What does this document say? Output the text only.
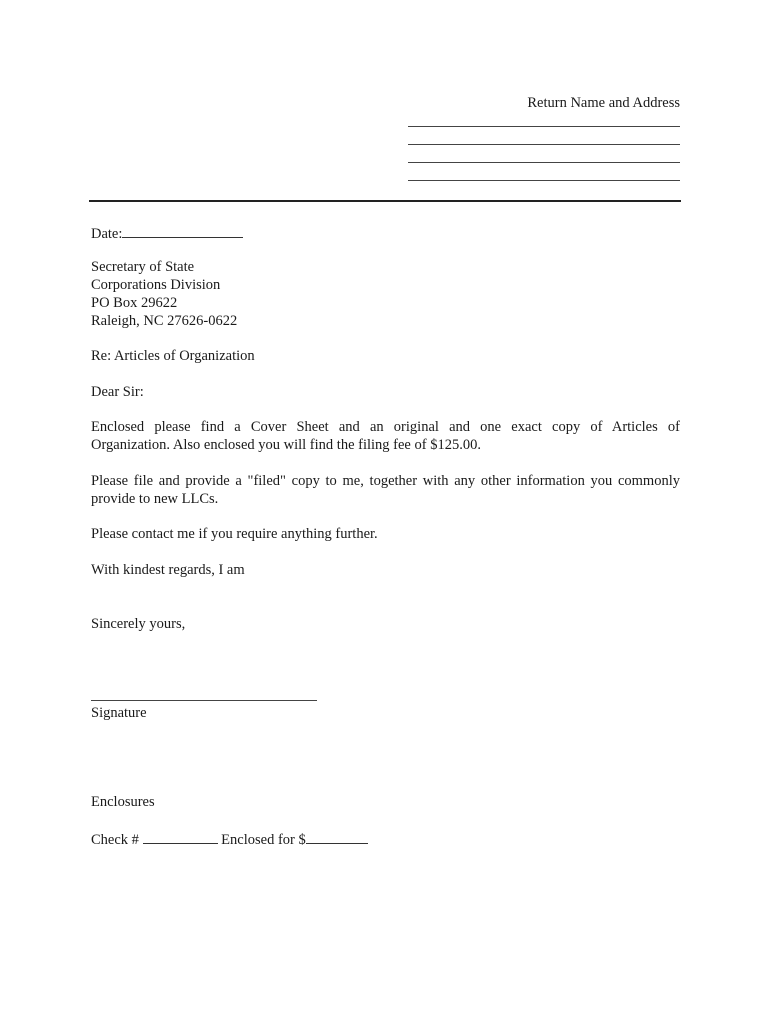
Return Name and Address

Date:

Secretary of State

Corporations Division

PO Box 29622

Raleigh, NC 27626-0622

Re: Articles of Organization

Dear Sir:

Enclosed please find a Cover Sheet and an original and one exact copy of Articles of
Organization. Also enclosed you will find the filing fee of $125.00.
Please file and provide a "filed" copy to me, together with any other information you commonly
provide to new LLCs.

Please contact me if you require anything further.

With kindest regards, I am

Sincerely yours,

Signature

Enclosures

Check #	Enclosed for $
